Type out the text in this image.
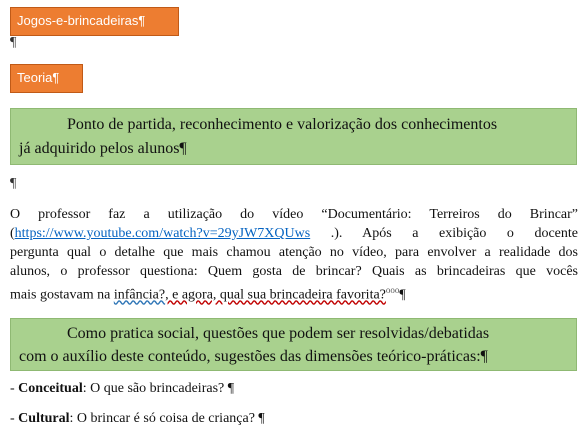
Jogos-e-brincadeiras¶
¶
Teoria¶
Ponto de partida, reconhecimento e valorização dos conhecimentos
já adquirido pelos alunos¶
¶
O professor faz a utilização do vídeo “Documentário: Terreiros do Brincar”
(https://www.youtube.com/watch?v=29yJW7XQUws .). Após a exibição o docente
pergunta qual o detalhe que mais chamou atenção no vídeo, para envolver a realidade dos
alunos, o professor questiona: Quem gosta de brincar? Quais as brincadeiras que vocês
mais gostavam na infância?, e agora, qual sua brincadeira favorita?$^{ooo}$¶
Como pratica social, questões que podem ser resolvidas/debatidas
com o auxílio deste conteúdo, sugestões das dimensões teórico-práticas:¶
- Conceitual: O que são brincadeiras? ¶
- Cultural: O brincar é só coisa de criança? ¶
